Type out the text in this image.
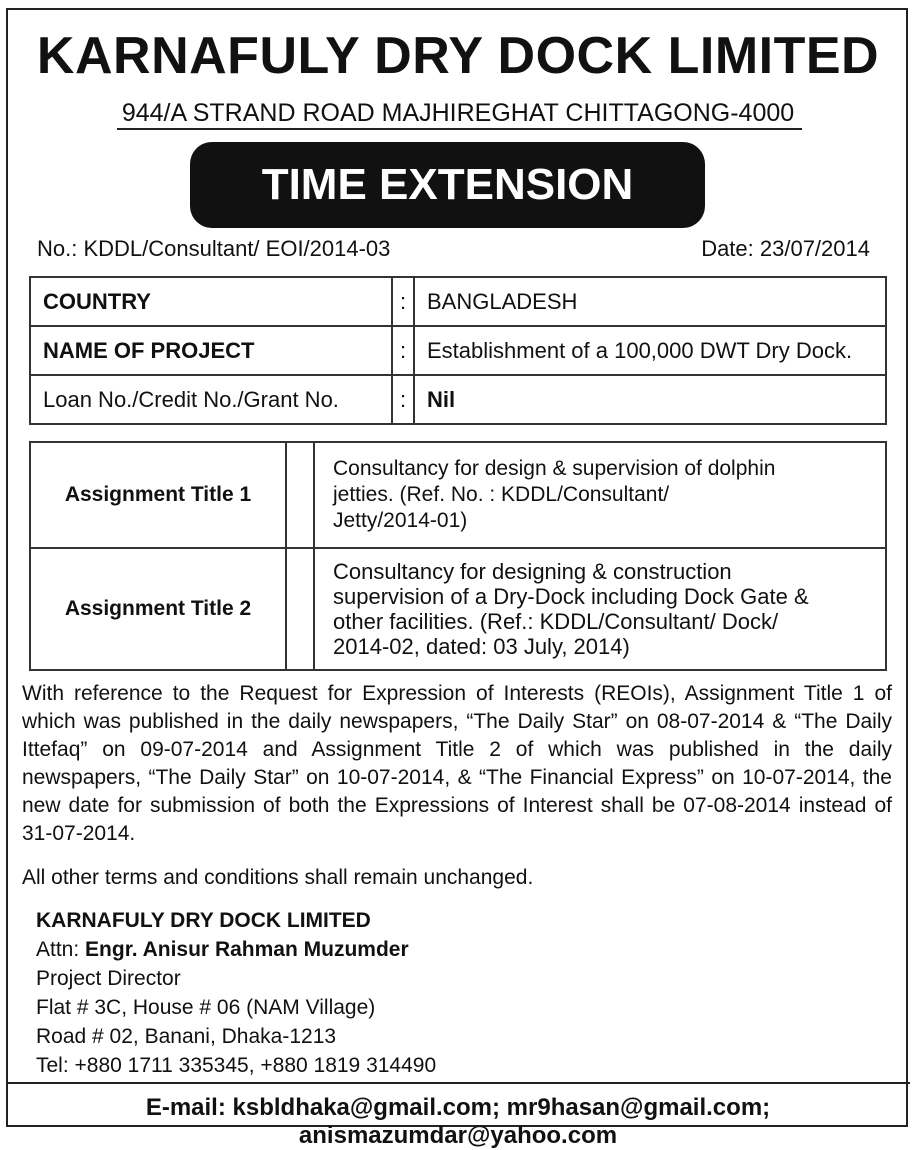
KARNAFULY DRY DOCK LIMITED
944/A STRAND ROAD MAJHIREGHAT CHITTAGONG-4000
TIME EXTENSION NOTICE
No.: KDDL/Consultant/ EOI/2014-03	Date: 23/07/2014
COUNTRY	:	BANGLADESH
NAME OF PROJECT	:	Establishment of a 100,000 DWT Dry Dock.
Loan No./Credit No./Grant No.	:	Nil
Assignment Title 1		Consultancy for design & supervision of dolphin
jetties. (Ref. No. : KDDL/Consultant/
Jetty/2014-01)

Assignment Title 2		Consultancy for designing & construction
supervision of a Dry-Dock including Dock Gate &
other facilities. (Ref.: KDDL/Consultant/ Dock/
2014-02, dated: 03 July, 2014)
With reference to the Request for Expression of Interests (REOIs), Assignment Title 1 of which was published in the daily newspapers, “The Daily Star” on 08-07-2014 & “The Daily Ittefaq” on 09-07-2014 and Assignment Title 2 of which was published in the daily newspapers, “The Daily Star” on 10-07-2014, & “The Financial Express” on 10-07-2014, the new date for submission of both the Expressions of Interest shall be 07-08-2014 instead of 31-07-2014.
All other terms and conditions shall remain unchanged.
KARNAFULY DRY DOCK LIMITED
Attn: Engr. Anisur Rahman Muzumder
Project Director
Flat # 3C, House # 06 (NAM Village)
Road # 02, Banani, Dhaka-1213
Tel: +880 1711 335345, +880 1819 314490
E-mail: ksbldhaka@gmail.com; mr9hasan@gmail.com; anismazumdar@yahoo.com
